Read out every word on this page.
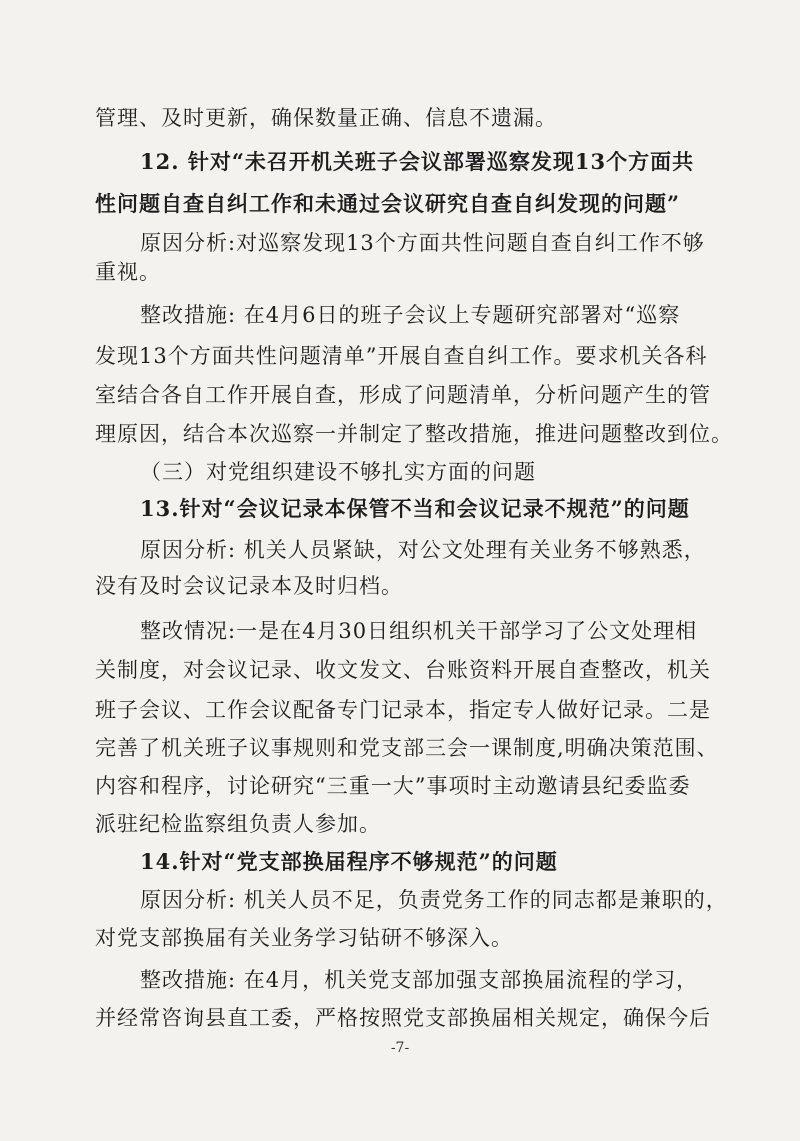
管理、及时更新，确保数量正确、信息不遗漏。
12. 针对“未召开机关班子会议部署巡察发现13个方面共
性问题自查自纠工作和未通过会议研究自查自纠发现的问题”
原因分析:对巡察发现13个方面共性问题自查自纠工作不够
重视。
整改措施: 在4月6日的班子会议上专题研究部署对“巡察
发现13个方面共性问题清单”开展自查自纠工作。要求机关各科
室结合各自工作开展自查，形成了问题清单，分析问题产生的管
理原因，结合本次巡察一并制定了整改措施，推进问题整改到位。
（三）对党组织建设不够扎实方面的问题
13.针对“会议记录本保管不当和会议记录不规范”的问题
原因分析: 机关人员紧缺，对公文处理有关业务不够熟悉，
没有及时会议记录本及时归档。
整改情况:一是在4月30日组织机关干部学习了公文处理相
关制度，对会议记录、收文发文、台账资料开展自查整改，机关
班子会议、工作会议配备专门记录本，指定专人做好记录。二是
完善了机关班子议事规则和党支部三会一课制度,明确决策范围、
内容和程序，讨论研究“三重一大”事项时主动邀请县纪委监委
派驻纪检监察组负责人参加。
14.针对“党支部换届程序不够规范”的问题
原因分析: 机关人员不足，负责党务工作的同志都是兼职的，
对党支部换届有关业务学习钻研不够深入。
整改措施: 在4月，机关党支部加强支部换届流程的学习，
并经常咨询县直工委，严格按照党支部换届相关规定，确保今后
-7-
